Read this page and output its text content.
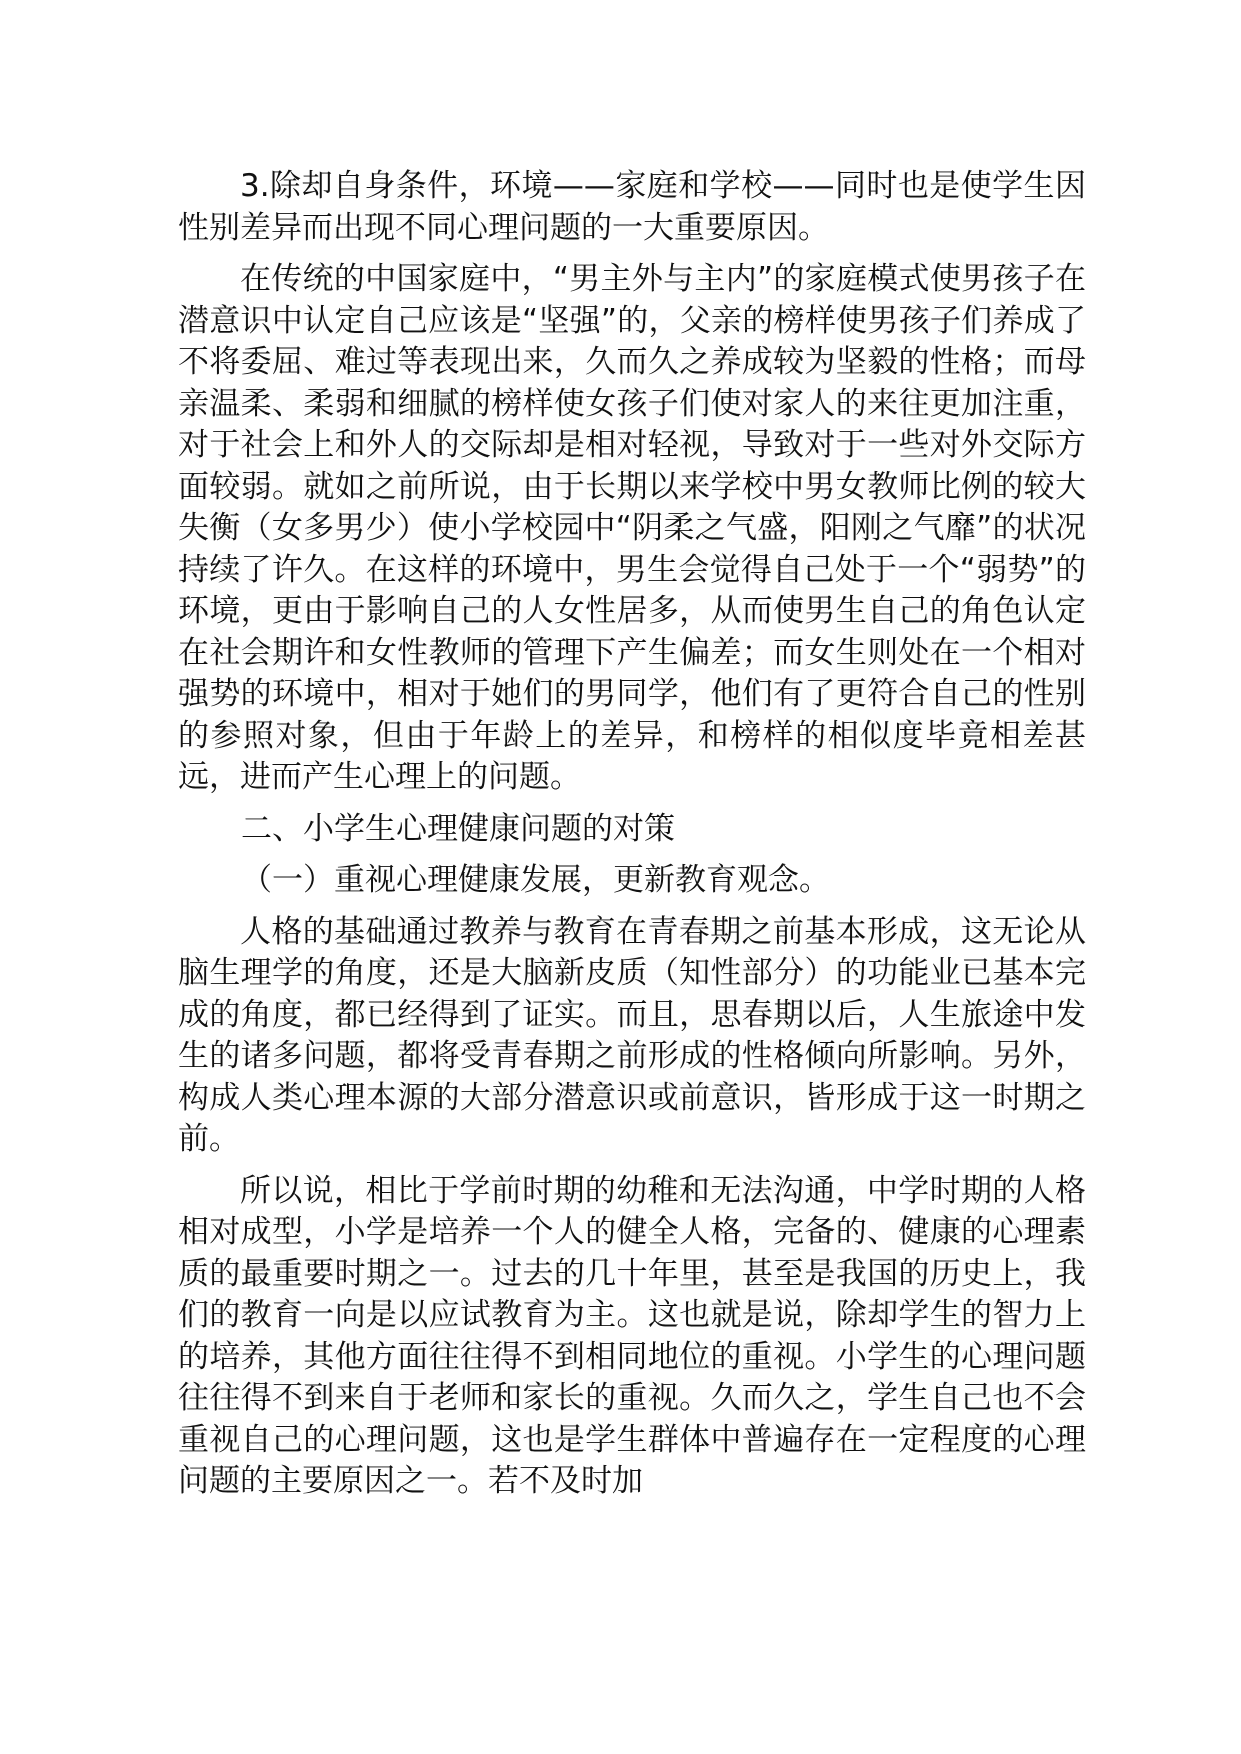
3.除却自身条件，环境——家庭和学校——同时也是使学生因性别差异而出现不同心理问题的一大重要原因。

在传统的中国家庭中，“男主外与主内”的家庭模式使男孩子在潜意识中认定自己应该是“坚强”的，父亲的榜样使男孩子们养成了不将委屈、难过等表现出来，久而久之养成较为坚毅的性格；而母亲温柔、柔弱和细腻的榜样使女孩子们使对家人的来往更加注重，对于社会上和外人的交际却是相对轻视，导致对于一些对外交际方面较弱。就如之前所说，由于长期以来学校中男女教师比例的较大失衡（女多男少）使小学校园中“阴柔之气盛，阳刚之气靡”的状况持续了许久。在这样的环境中，男生会觉得自己处于一个“弱势”的环境，更由于影响自己的人女性居多，从而使男生自己的角色认定在社会期许和女性教师的管理下产生偏差；而女生则处在一个相对强势的环境中，相对于她们的男同学，他们有了更符合自己的性别的参照对象，但由于年龄上的差异，和榜样的相似度毕竟相差甚远，进而产生心理上的问题。

二、小学生心理健康问题的对策

（一）重视心理健康发展，更新教育观念。

人格的基础通过教养与教育在青春期之前基本形成，这无论从脑生理学的角度，还是大脑新皮质（知性部分）的功能业已基本完成的角度，都已经得到了证实。而且，思春期以后，人生旅途中发生的诸多问题，都将受青春期之前形成的性格倾向所影响。另外，构成人类心理本源的大部分潜意识或前意识，皆形成于这一时期之前。

所以说，相比于学前时期的幼稚和无法沟通，中学时期的人格相对成型，小学是培养一个人的健全人格，完备的、健康的心理素质的最重要时期之一。过去的几十年里，甚至是我国的历史上，我们的教育一向是以应试教育为主。这也就是说，除却学生的智力上的培养，其他方面往往得不到相同地位的重视。小学生的心理问题往往得不到来自于老师和家长的重视。久而久之，学生自己也不会重视自己的心理问题，这也是学生群体中普遍存在一定程度的心理问题的主要原因之一。若不及时加
